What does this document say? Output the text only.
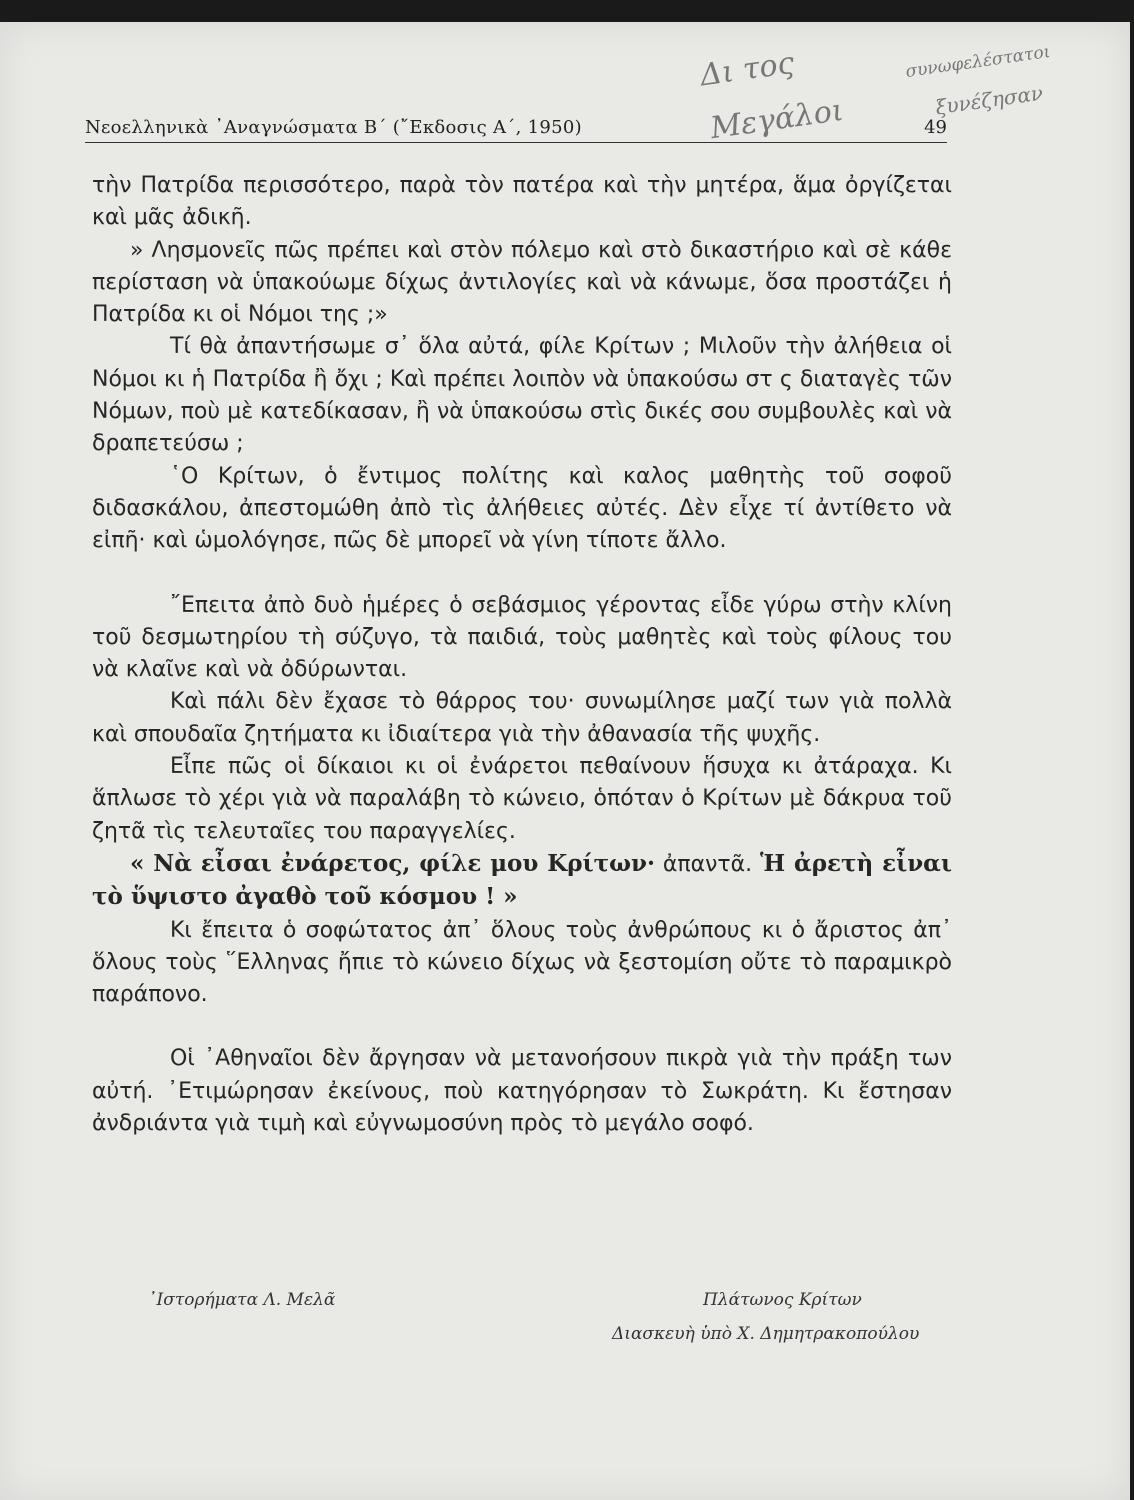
Νεοελληνικὰ ᾿Αναγνώσματα Β΄ (῎Εκδοσις Α΄, 1950)	49
Δι τος
Μεγάλοι
συνωφελέστατοι
ξυνέζησαν

τὴν Πατρίδα περισσότερο, παρὰ τὸν πατέρα καὶ τὴν μητέρα, ἅμα ὀργίζεται καὶ μᾶς ἀδικῆ.

» Λησμονεῖς πῶς πρέπει καὶ στὸν πόλεμο καὶ στὸ δικαστήριο καὶ σὲ κάθε περίσταση νὰ ὑπακούωμε δίχως ἀντιλογίες καὶ νὰ κάνωμε, ὅσα προστάζει ἡ Πατρίδα κι οἱ Νόμοι της ;»

Τί θὰ ἀπαντήσωμε σ᾽ ὅλα αὐτά, φίλε Κρίτων ; Μιλοῦν τὴν ἀλήθεια οἱ Νόμοι κι ἡ Πατρίδα ἢ ὄχι ; Καὶ πρέπει λοιπὸν νὰ ὑπακούσω στ ς διαταγὲς τῶν Νόμων, ποὺ μὲ κατεδίκασαν, ἢ νὰ ὑπακούσω στὶς δικές σου συμβουλὲς καὶ νὰ δραπετεύσω ;

῾Ο Κρίτων, ὁ ἔντιμος πολίτης καὶ καλος μαθητὴς τοῦ σοφοῦ διδασκάλου, ἀπεστομώθη ἀπὸ τὶς ἀλήθειες αὐτές. Δὲν εἶχε τί ἀντίθετο νὰ εἰπῆ· καὶ ὡμολόγησε, πῶς δὲ μπορεῖ νὰ γίνη τίποτε ἄλλο.

῎Επειτα ἀπὸ δυὸ ἡμέρες ὁ σεβάσμιος γέροντας εἶδε γύρω στὴν κλίνη τοῦ δεσμωτηρίου τὴ σύζυγο, τὰ παιδιά, τοὺς μαθητὲς καὶ τοὺς φίλους του νὰ κλαῖνε καὶ νὰ ὀδύρωνται.

Καὶ πάλι δὲν ἔχασε τὸ θάρρος του· συνωμίλησε μαζί των γιὰ πολλὰ καὶ σπουδαῖα ζητήματα κι ἰδιαίτερα γιὰ τὴν ἀθανασία τῆς ψυχῆς.

Εἶπε πῶς οἱ δίκαιοι κι οἱ ἐνάρετοι πεθαίνουν ἥσυχα κι ἀτάραχα. Κι ἅπλωσε τὸ χέρι γιὰ νὰ παραλάβη τὸ κώνειο, ὁπόταν ὁ Κρίτων μὲ δάκρυα τοῦ ζητᾶ τὶς τελευταῖες του παραγγελίες.

« Νὰ εἶσαι ἐνάρετος, φίλε μου Κρίτων· ἀπαντᾶ. Ἡ ἀρετὴ εἶναι τὸ ὕψιστο ἀγαθὸ τοῦ κόσμου ! »

Κι ἔπειτα ὁ σοφώτατος ἀπ᾽ ὅλους τοὺς ἀνθρώπους κι ὁ ἄριστος ἀπ᾽ ὅλους τοὺς ῞Ελληνας ἤπιε τὸ κώνειο δίχως νὰ ξεστομίση οὔτε τὸ παραμικρὸ παράπονο.

Οἱ ᾿Αθηναῖοι δὲν ἄργησαν νὰ μετανοήσουν πικρὰ γιὰ τὴν πράξη των αὐτή. ᾿Ετιμώρησαν ἐκείνους, ποὺ κατηγόρησαν τὸ Σωκράτη. Κι ἔστησαν ἀνδριάντα γιὰ τιμὴ καὶ εὐγνωμοσύνη πρὸς τὸ μεγάλο σοφό.

᾿Ιστορήματα Λ. Μελᾶ	Πλάτωνος Κρίτων
Διασκευὴ ὑπὸ Χ. Δημητρακοπούλου
